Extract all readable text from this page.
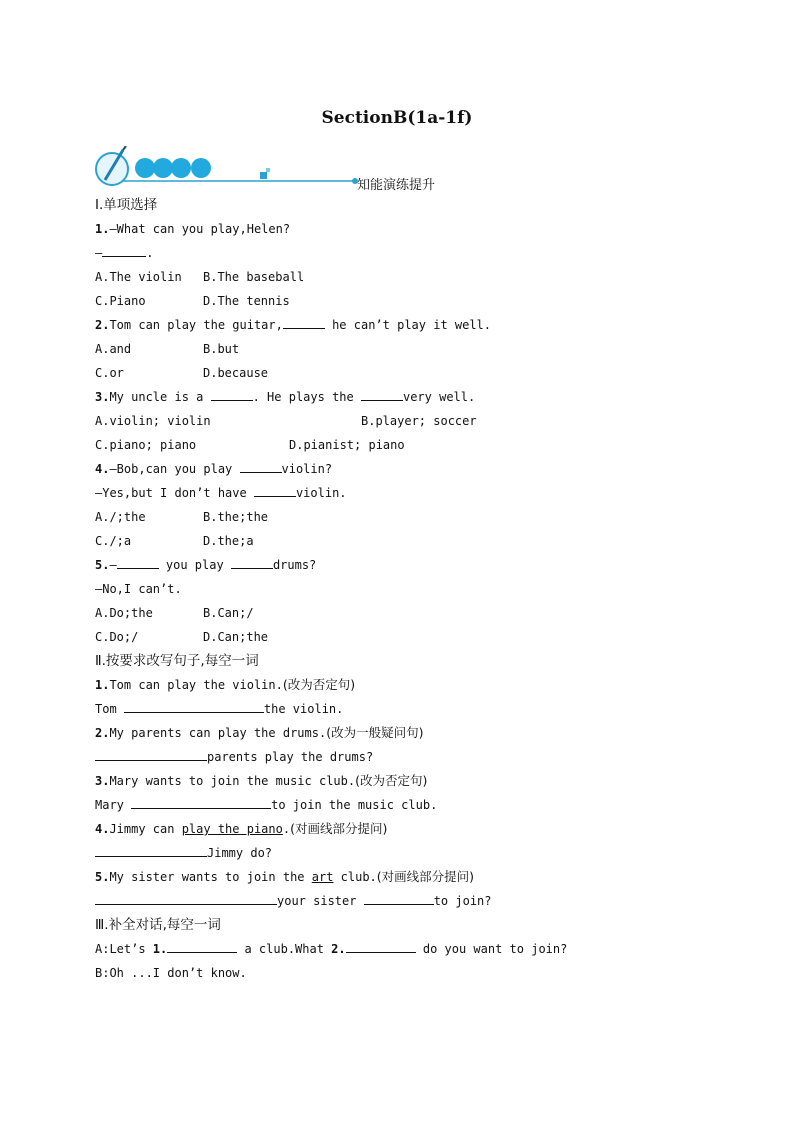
SectionB(1a-1f)
知能演练提升
Ⅰ.单项选择
1.—What can you play,Helen?
—	.
A.The violin B.The baseball
C.Piano	D.The tennis
2.Tom can play the guitar,	he can’t play it well.
A.and	B.but
C.or	D.because
3.My uncle is a	. He plays the	very well.
A.violin; violin	B.player; soccer
C.piano; piano	D.pianist; piano
4.—Bob,can you play	violin?
—Yes,but I don’t have	violin.
A./;the	B.the;the
C./;a	D.the;a
5.—	you play	drums?
—No,I can’t.
A.Do;the	B.Can;/
C.Do;/	D.Can;the
Ⅱ.按要求改写句子,每空一词
1.Tom can play the violin.(改为否定句)
Tom	the violin.
2.My parents can play the drums.(改为一般疑问句)
parents play the drums?
3.Mary wants to join the music club.(改为否定句)
Mary	to join the music club.
4.Jimmy can play the piano.(对画线部分提问)
Jimmy do?
5.My sister wants to join the art club.(对画线部分提问)
your sister	to join?
Ⅲ.补全对话,每空一词
A:Let’s 1.	a club.What 2.	do you want to join?
B:Oh ...I don’t know.
